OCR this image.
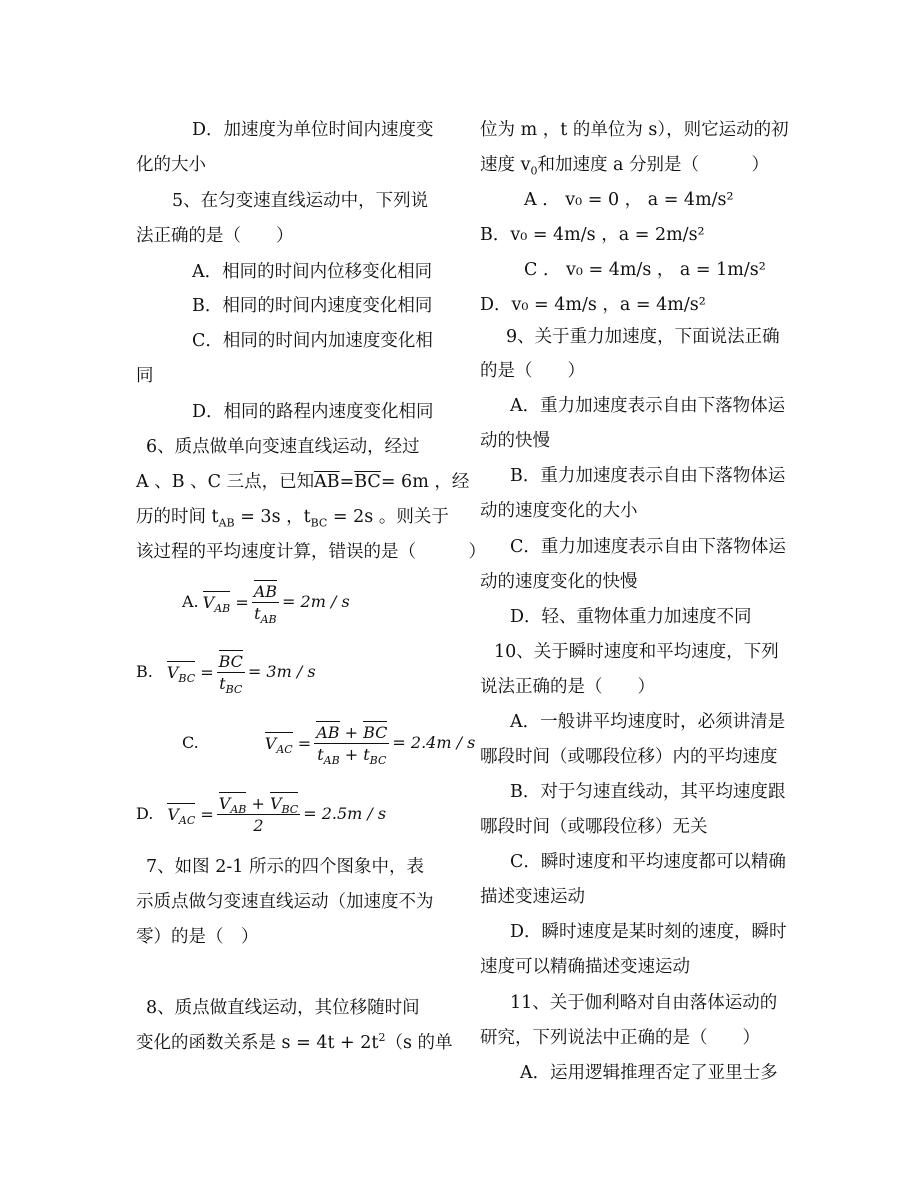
D．加速度为单位时间内速度变
化的大小
5、在匀变速直线运动中，下列说
法正确的是（　　）
A．相同的时间内位移变化相同
B．相同的时间内速度变化相同
C．相同的时间内加速度变化相
同
D．相同的路程内速度变化相同
6、质点做单向变速直线运动，经过
A 、B 、C 三点，已知$\overline{AB}=\overline{BC}= 6m$ ，经
历的时间 $t_{AB} = 3s$ ，$t_{BC} = 2s$ 。则关于
该过程的平均速度计算，错误的是（　　　）
A. $V_{AB} = \frac{AB}{t_{AB}} = 2m / s$
B. $V_{BC} = \frac{BC}{t_{BC}} = 3m / s$
C.	$V_{AC} = \frac{AB + BC}{t_{AB} + t_{BC}} = 2.4m / s$
D. $V_{AC} = \frac{V_{AB} + V_{BC}}{2} = 2.5m / s$
7、如图 2-1 所示的四个图象中，表
示质点做匀变速直线运动（加速度不为
零）的是（　）
8、质点做直线运动，其位移随时间
变化的函数关系是 $s = 4t + 2t^2(s$ 的单
位为 m ，t 的单位为 s），则它运动的初
速度 $v_0$和加速度 a 分别是（　　　）
A ． v₀ = 0 ， a = 4m/s²
B．v₀ = 4m/s ，a = 2m/s²
C ． v₀ = 4m/s ， a = 1m/s²
D．v₀ = 4m/s ，a = 4m/s²
9、关于重力加速度，下面说法正确
的是（　　）
A．重力加速度表示自由下落物体运
动的快慢
B．重力加速度表示自由下落物体运
动的速度变化的大小
C．重力加速度表示自由下落物体运
动的速度变化的快慢
D．轻、重物体重力加速度不同
10、关于瞬时速度和平均速度，下列
说法正确的是（　　）
A．一般讲平均速度时，必须讲清是
哪段时间（或哪段位移）内的平均速度
B．对于匀速直线动，其平均速度跟
哪段时间（或哪段位移）无关
C．瞬时速度和平均速度都可以精确
描述变速运动
D．瞬时速度是某时刻的速度，瞬时
速度可以精确描述变速运动
11、关于伽利略对自由落体运动的
研究，下列说法中正确的是（　　）
A．运用逻辑推理否定了亚里士多
